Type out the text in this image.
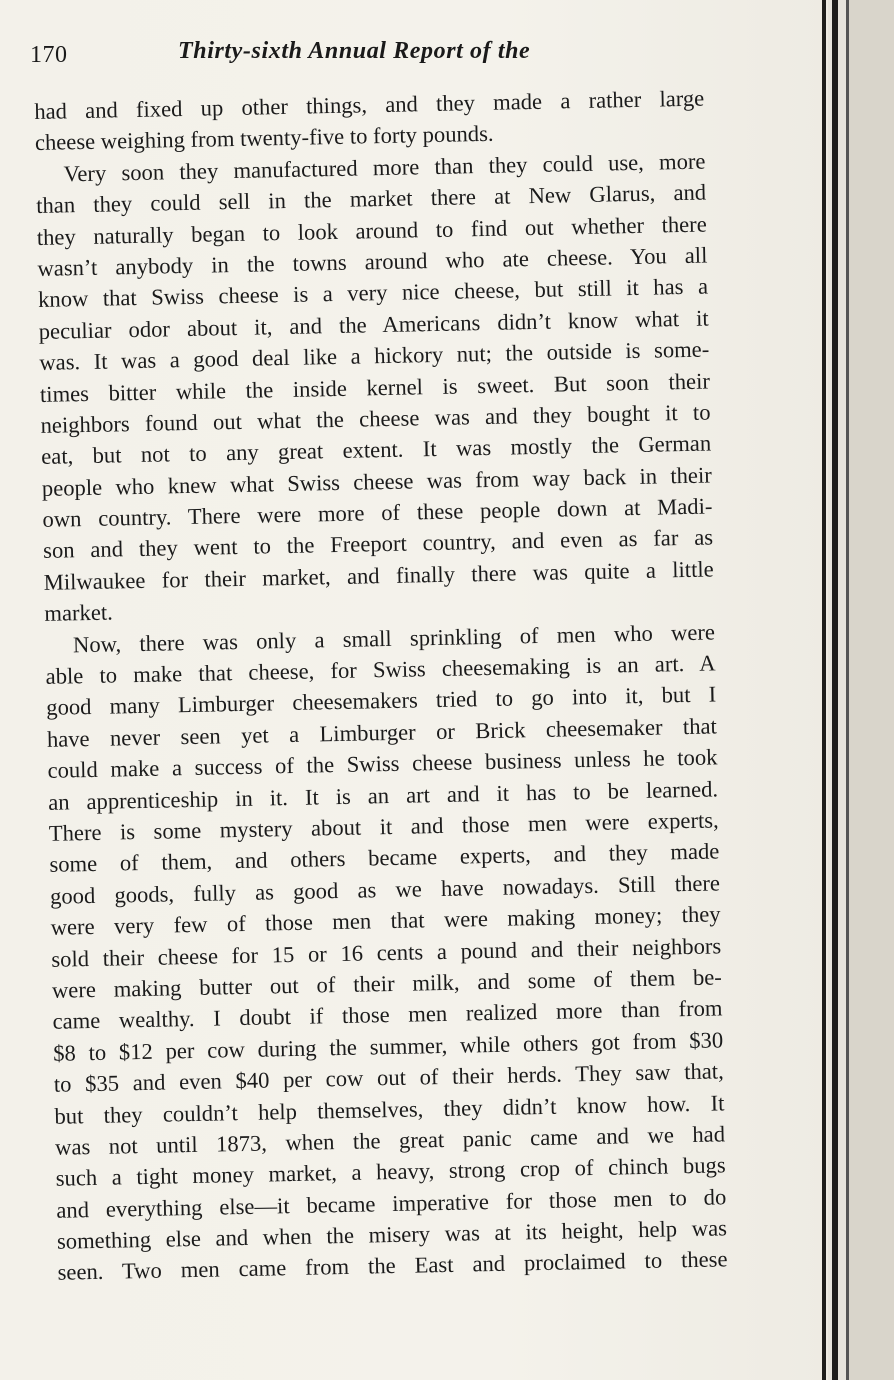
170	Thirty-sixth Annual Report of the
had and fixed up other things, and they made a rather large
cheese weighing from twenty-five to forty pounds.
Very soon they manufactured more than they could use, more
than they could sell in the market there at New Glarus, and
they naturally began to look around to find out whether there
wasn’t anybody in the towns around who ate cheese. You all
know that Swiss cheese is a very nice cheese, but still it has a
peculiar odor about it, and the Americans didn’t know what it
was. It was a good deal like a hickory nut; the outside is some-
times bitter while the inside kernel is sweet. But soon their
neighbors found out what the cheese was and they bought it to
eat, but not to any great extent. It was mostly the German
people who knew what Swiss cheese was from way back in their
own country. There were more of these people down at Madi-
son and they went to the Freeport country, and even as far as
Milwaukee for their market, and finally there was quite a little
market.
Now, there was only a small sprinkling of men who were
able to make that cheese, for Swiss cheesemaking is an art. A
good many Limburger cheesemakers tried to go into it, but I
have never seen yet a Limburger or Brick cheesemaker that
could make a success of the Swiss cheese business unless he took
an apprenticeship in it. It is an art and it has to be learned.
There is some mystery about it and those men were experts,
some of them, and others became experts, and they made
good goods, fully as good as we have nowadays. Still there
were very few of those men that were making money; they
sold their cheese for 15 or 16 cents a pound and their neighbors
were making butter out of their milk, and some of them be-
came wealthy. I doubt if those men realized more than from
$8 to $12 per cow during the summer, while others got from $30
to $35 and even $40 per cow out of their herds. They saw that,
but they couldn’t help themselves, they didn’t know how. It
was not until 1873, when the great panic came and we had
such a tight money market, a heavy, strong crop of chinch bugs
and everything else—it became imperative for those men to do
something else and when the misery was at its height, help was
seen. Two men came from the East and proclaimed to these
